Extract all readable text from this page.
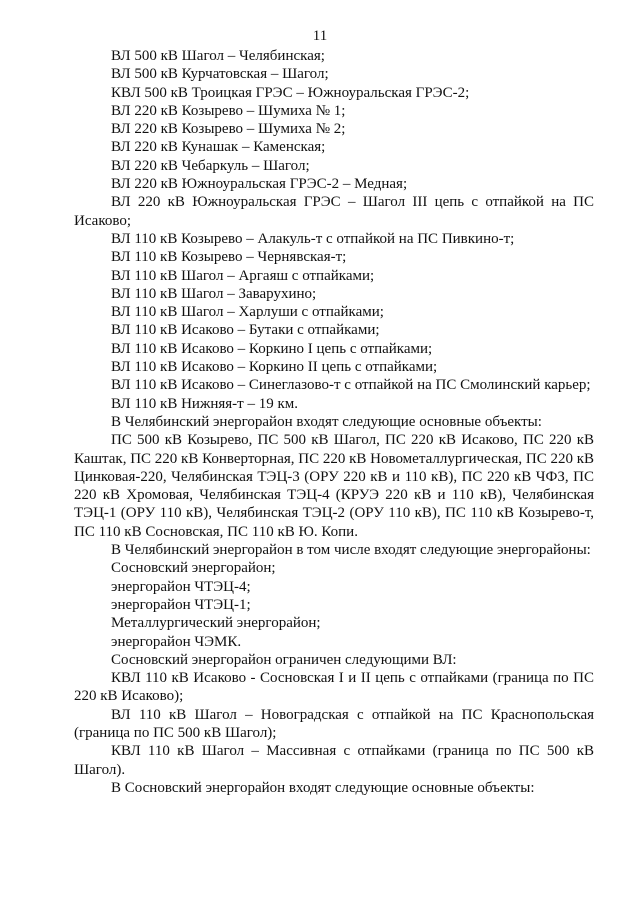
11

ВЛ 500 кВ Шагол – Челябинская;

ВЛ 500 кВ Курчатовская – Шагол;

КВЛ 500 кВ Троицкая ГРЭС – Южноуральская ГРЭС-2;

ВЛ 220 кВ Козырево – Шумиха № 1;

ВЛ 220 кВ Козырево – Шумиха № 2;

ВЛ 220 кВ Кунашак – Каменская;

ВЛ 220 кВ Чебаркуль – Шагол;

ВЛ 220 кВ Южноуральская ГРЭС-2 – Медная;

ВЛ 220 кВ Южноуральская ГРЭС – Шагол III цепь с отпайкой на ПС Исаково;

ВЛ 110 кВ Козырево – Алакуль-т с отпайкой на ПС Пивкино-т;

ВЛ 110 кВ Козырево – Чернявская-т;

ВЛ 110 кВ Шагол – Аргаяш с отпайками;

ВЛ 110 кВ Шагол – Заварухино;

ВЛ 110 кВ Шагол – Харлуши с отпайками;

ВЛ 110 кВ Исаково – Бутаки с отпайками;

ВЛ 110 кВ Исаково – Коркино I цепь с отпайками;

ВЛ 110 кВ Исаково – Коркино II цепь с отпайками;

ВЛ 110 кВ Исаково – Синеглазово-т с отпайкой на ПС Смолинский карьер;

ВЛ 110 кВ Нижняя-т – 19 км.

В Челябинский энергорайон входят следующие основные объекты:

ПС 500 кВ Козырево, ПС 500 кВ Шагол, ПС 220 кВ Исаково, ПС 220 кВ Каштак, ПС 220 кВ Конверторная, ПС 220 кВ Новометаллургическая, ПС 220 кВ Цинковая-220, Челябинская ТЭЦ-3 (ОРУ 220 кВ и 110 кВ), ПС 220 кВ ЧФЗ, ПС 220 кВ Хромовая, Челябинская ТЭЦ-4 (КРУЭ 220 кВ и 110 кВ), Челябинская ТЭЦ-1 (ОРУ 110 кВ), Челябинская ТЭЦ-2 (ОРУ 110 кВ), ПС 110 кВ Козырево-т, ПС 110 кВ Сосновская, ПС 110 кВ Ю. Копи.

В Челябинский энергорайон в том числе входят следующие энергорайоны:

Сосновский энергорайон;

энергорайон ЧТЭЦ-4;

энергорайон ЧТЭЦ-1;

Металлургический энергорайон;

энергорайон ЧЭМК.

Сосновский энергорайон ограничен следующими ВЛ:

КВЛ 110 кВ Исаково - Сосновская I и II цепь с отпайками (граница по ПС 220 кВ Исаково);

ВЛ 110 кВ Шагол – Новоградская с отпайкой на ПС Краснопольская (граница по ПС 500 кВ Шагол);

КВЛ 110 кВ Шагол – Массивная с отпайками (граница по ПС 500 кВ Шагол).

В Сосновский энергорайон входят следующие основные объекты:
